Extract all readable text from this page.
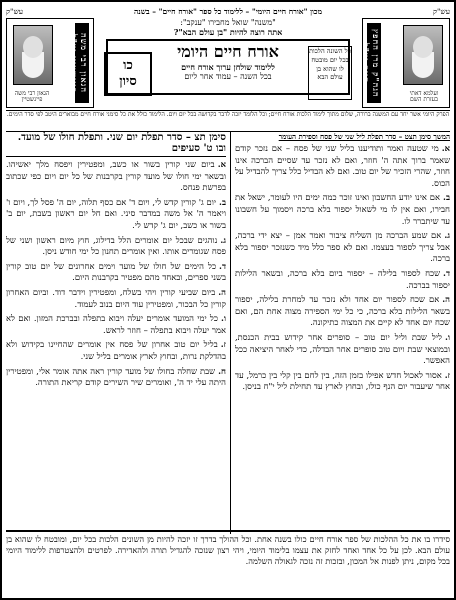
עש"ק
מכון "אורח חיים היומי" – ללימוד כל ספר "אורח חיים" – בשנה
עש"ק
הגה"ק מרן החפץ חיים זצ"ל
ועלמא דאתי בעזרת השם
"משנה" שואל מחבירו "ענקב":
אתה רוצה להיות "בן עולם הבא"?
אורח חיים היומי
ללימוד שולחן ערוך אורח חיים
בכל השנה – עמוד אחר ליום
כל השונה הלכות בכל יום מובטח לו שהוא בן עולם הבא
כו
סיון
הגאון רבי משה פיינשטיין זצ"ל
הגאון רבי משה פיינשטיין
הפרק היומי אשר יחד עם המשנה ברורה, שלום מתוך לימוד הלכות אורח חיים; וכל הלומד יזכה לדבר בקדושה בכל יום ויום. הלימוד כולל את כל סימני אורח חיים מבוארים היטב לפי סדר הימים.
המשך סימן תצט – סדר תפלת ליל שני של פסח וספירת העומר
א.מי שטעה ואמר ותודיענו בליל שני של פסח – אם נזכר קודם שאמר ברוך אתה ה' חוזר, ואם לא נזכר עד שסיים הברכה אינו חוזר, שהרי הזכיר של יום טוב. ואם לא הבדיל כלל צריך להבדיל על הכוס.
ב.אם אינו יודע החשבון ואינו זוכר כמה ימים היו לעומר, ישאל את חבירו, ואם אין לו מי לשאול יספור בלא ברכה ויסמוך על חשבונו עד שיתברר לו.
ג.אם שמע הברכה מן השליח ציבור ואמר אמן – יצא ידי ברכה, אבל צריך לספור בעצמו. ואם לא ספר כלל מיד כשנזכר יספור בלא ברכה.
ד.שכח לספור בלילה – יספור ביום בלא ברכה, ובשאר הלילות יספור בברכה.
ה.אם שכח לספור יום אחד ולא נזכר עד למחרת בלילה, יספור בשאר הלילות בלא ברכה, כי כל ימי הספירה מצוה אחת הם, ואם שכח יום אחד לא קיים את המצוה כתיקונה.
ו.ליל שבת וליל יום טוב – סופרים אחר קידוש בבית הכנסת, ובמוצאי שבת ויום טוב סופרים אחר הבדלה, כדי לאחר היציאה ככל האפשר.
ז.אסור לאכול חדש אפילו בזמן הזה, בין לחם בין קלי בין כרמל, עד אחר שיעבור יום הנף כולו, ובחוץ לארץ עד תחילת ליל י"ח בניסן.
סימן תצ – סדר תפלת יום שני. ותפלת חולו של מועד. ובו ט' סעיפים
א.ביום שני קורין בשור או כשב, ומפטירין ויפסח מלך יאשיהו. ובשאר ימי חולו של מועד קורין בקרבנות של כל יום ויום כפי שכתוב בפרשת פנחס.
ב.יום ג' קורין קדש לי, ויום ד' אם כסף תלוה, יום ה' פסל לך, ויום ו' ויאמר ה' אל משה במדבר סיני. ואם חל יום ראשון בשבת, יום ב' בשור או כשב, יום ג' קדש לי.
ג.נוהגים שבכל יום אומרים הלל בדילוג, חוץ מיום ראשון ושני של פסח שגומרים אותו. ואין אומרים תחנון כל ימי חודש ניסן.
ד.כל הימים של חולו של מועד וימים אחרונים של יום טוב קורין בשני ספרים, ובאחד מהם מפטיר בקרבנות היום.
ה.ביום שביעי קורין ויהי בשלח, ומפטירין וידבר דוד. וביום האחרון קורין כל הבכור, ומפטירין עוד היום בנוב לעמוד.
ו.כל ימי המועד אומרים יעלה ויבוא בתפלה ובברכת המזון. ואם לא אמר יעלה ויבוא בתפלה – חוזר לראש.
ז.בליל יום טוב אחרון של פסח אין אומרים שהחיינו בקידוש ולא בהדלקת נרות, ובחוץ לארץ אומרים בליל שני.
ח.שבת שחלה בחולו של מועד קורין ראה אתה אומר אלי, ומפטירין היתה עלי יד ה', ואומרים שיר השירים קודם קריאת התורה.
סידרו בו את כל ההלכות של ספר אורח חיים כולו בשנה אחת. וכל ההולך בדרך זו יזכה להיות מן השונים הלכות בכל יום, ומובטח לו שהוא בן עולם הבא. לכן על כל אחד ואחד לחזק את עצמו בלימוד היומי, ויהי רצון שנזכה להגדיל תורה ולהאדירה. לפרטים ולהצטרפות ללימוד היומי בכל מקום, ניתן לפנות אל המכון, ובזכות זה נזכה לגאולה השלמה.
